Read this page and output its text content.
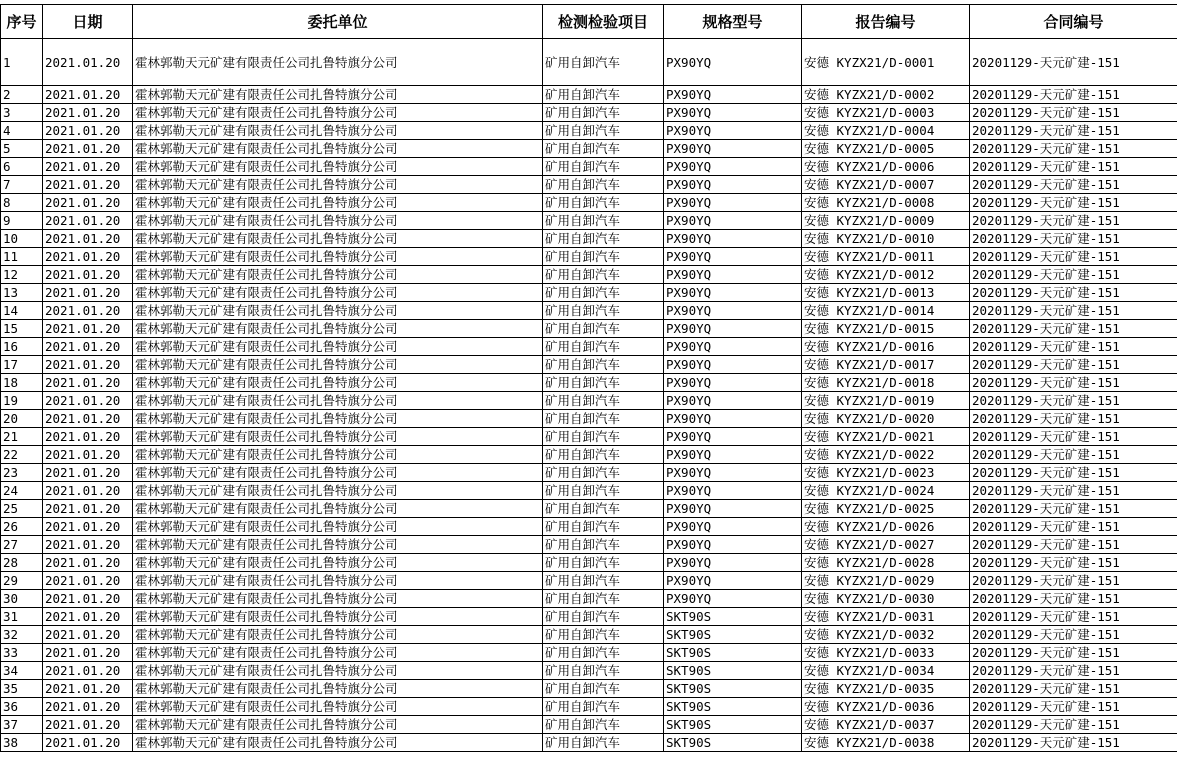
序号	日期	委托单位	检测检验项目	规格型号	报告编号	合同编号
1	2021.01.20	霍林郭勒天元矿建有限责任公司扎鲁特旗分公司	矿用自卸汽车	PX90YQ	安德 KYZX21/D-0001	20201129-天元矿建-151
2	2021.01.20	霍林郭勒天元矿建有限责任公司扎鲁特旗分公司	矿用自卸汽车	PX90YQ	安德 KYZX21/D-0002	20201129-天元矿建-151
3	2021.01.20	霍林郭勒天元矿建有限责任公司扎鲁特旗分公司	矿用自卸汽车	PX90YQ	安德 KYZX21/D-0003	20201129-天元矿建-151
4	2021.01.20	霍林郭勒天元矿建有限责任公司扎鲁特旗分公司	矿用自卸汽车	PX90YQ	安德 KYZX21/D-0004	20201129-天元矿建-151
5	2021.01.20	霍林郭勒天元矿建有限责任公司扎鲁特旗分公司	矿用自卸汽车	PX90YQ	安德 KYZX21/D-0005	20201129-天元矿建-151
6	2021.01.20	霍林郭勒天元矿建有限责任公司扎鲁特旗分公司	矿用自卸汽车	PX90YQ	安德 KYZX21/D-0006	20201129-天元矿建-151
7	2021.01.20	霍林郭勒天元矿建有限责任公司扎鲁特旗分公司	矿用自卸汽车	PX90YQ	安德 KYZX21/D-0007	20201129-天元矿建-151
8	2021.01.20	霍林郭勒天元矿建有限责任公司扎鲁特旗分公司	矿用自卸汽车	PX90YQ	安德 KYZX21/D-0008	20201129-天元矿建-151
9	2021.01.20	霍林郭勒天元矿建有限责任公司扎鲁特旗分公司	矿用自卸汽车	PX90YQ	安德 KYZX21/D-0009	20201129-天元矿建-151
10	2021.01.20	霍林郭勒天元矿建有限责任公司扎鲁特旗分公司	矿用自卸汽车	PX90YQ	安德 KYZX21/D-0010	20201129-天元矿建-151
11	2021.01.20	霍林郭勒天元矿建有限责任公司扎鲁特旗分公司	矿用自卸汽车	PX90YQ	安德 KYZX21/D-0011	20201129-天元矿建-151
12	2021.01.20	霍林郭勒天元矿建有限责任公司扎鲁特旗分公司	矿用自卸汽车	PX90YQ	安德 KYZX21/D-0012	20201129-天元矿建-151
13	2021.01.20	霍林郭勒天元矿建有限责任公司扎鲁特旗分公司	矿用自卸汽车	PX90YQ	安德 KYZX21/D-0013	20201129-天元矿建-151
14	2021.01.20	霍林郭勒天元矿建有限责任公司扎鲁特旗分公司	矿用自卸汽车	PX90YQ	安德 KYZX21/D-0014	20201129-天元矿建-151
15	2021.01.20	霍林郭勒天元矿建有限责任公司扎鲁特旗分公司	矿用自卸汽车	PX90YQ	安德 KYZX21/D-0015	20201129-天元矿建-151
16	2021.01.20	霍林郭勒天元矿建有限责任公司扎鲁特旗分公司	矿用自卸汽车	PX90YQ	安德 KYZX21/D-0016	20201129-天元矿建-151
17	2021.01.20	霍林郭勒天元矿建有限责任公司扎鲁特旗分公司	矿用自卸汽车	PX90YQ	安德 KYZX21/D-0017	20201129-天元矿建-151
18	2021.01.20	霍林郭勒天元矿建有限责任公司扎鲁特旗分公司	矿用自卸汽车	PX90YQ	安德 KYZX21/D-0018	20201129-天元矿建-151
19	2021.01.20	霍林郭勒天元矿建有限责任公司扎鲁特旗分公司	矿用自卸汽车	PX90YQ	安德 KYZX21/D-0019	20201129-天元矿建-151
20	2021.01.20	霍林郭勒天元矿建有限责任公司扎鲁特旗分公司	矿用自卸汽车	PX90YQ	安德 KYZX21/D-0020	20201129-天元矿建-151
21	2021.01.20	霍林郭勒天元矿建有限责任公司扎鲁特旗分公司	矿用自卸汽车	PX90YQ	安德 KYZX21/D-0021	20201129-天元矿建-151
22	2021.01.20	霍林郭勒天元矿建有限责任公司扎鲁特旗分公司	矿用自卸汽车	PX90YQ	安德 KYZX21/D-0022	20201129-天元矿建-151
23	2021.01.20	霍林郭勒天元矿建有限责任公司扎鲁特旗分公司	矿用自卸汽车	PX90YQ	安德 KYZX21/D-0023	20201129-天元矿建-151
24	2021.01.20	霍林郭勒天元矿建有限责任公司扎鲁特旗分公司	矿用自卸汽车	PX90YQ	安德 KYZX21/D-0024	20201129-天元矿建-151
25	2021.01.20	霍林郭勒天元矿建有限责任公司扎鲁特旗分公司	矿用自卸汽车	PX90YQ	安德 KYZX21/D-0025	20201129-天元矿建-151
26	2021.01.20	霍林郭勒天元矿建有限责任公司扎鲁特旗分公司	矿用自卸汽车	PX90YQ	安德 KYZX21/D-0026	20201129-天元矿建-151
27	2021.01.20	霍林郭勒天元矿建有限责任公司扎鲁特旗分公司	矿用自卸汽车	PX90YQ	安德 KYZX21/D-0027	20201129-天元矿建-151
28	2021.01.20	霍林郭勒天元矿建有限责任公司扎鲁特旗分公司	矿用自卸汽车	PX90YQ	安德 KYZX21/D-0028	20201129-天元矿建-151
29	2021.01.20	霍林郭勒天元矿建有限责任公司扎鲁特旗分公司	矿用自卸汽车	PX90YQ	安德 KYZX21/D-0029	20201129-天元矿建-151
30	2021.01.20	霍林郭勒天元矿建有限责任公司扎鲁特旗分公司	矿用自卸汽车	PX90YQ	安德 KYZX21/D-0030	20201129-天元矿建-151
31	2021.01.20	霍林郭勒天元矿建有限责任公司扎鲁特旗分公司	矿用自卸汽车	SKT90S	安德 KYZX21/D-0031	20201129-天元矿建-151
32	2021.01.20	霍林郭勒天元矿建有限责任公司扎鲁特旗分公司	矿用自卸汽车	SKT90S	安德 KYZX21/D-0032	20201129-天元矿建-151
33	2021.01.20	霍林郭勒天元矿建有限责任公司扎鲁特旗分公司	矿用自卸汽车	SKT90S	安德 KYZX21/D-0033	20201129-天元矿建-151
34	2021.01.20	霍林郭勒天元矿建有限责任公司扎鲁特旗分公司	矿用自卸汽车	SKT90S	安德 KYZX21/D-0034	20201129-天元矿建-151
35	2021.01.20	霍林郭勒天元矿建有限责任公司扎鲁特旗分公司	矿用自卸汽车	SKT90S	安德 KYZX21/D-0035	20201129-天元矿建-151
36	2021.01.20	霍林郭勒天元矿建有限责任公司扎鲁特旗分公司	矿用自卸汽车	SKT90S	安德 KYZX21/D-0036	20201129-天元矿建-151
37	2021.01.20	霍林郭勒天元矿建有限责任公司扎鲁特旗分公司	矿用自卸汽车	SKT90S	安德 KYZX21/D-0037	20201129-天元矿建-151
38	2021.01.20	霍林郭勒天元矿建有限责任公司扎鲁特旗分公司	矿用自卸汽车	SKT90S	安德 KYZX21/D-0038	20201129-天元矿建-151
